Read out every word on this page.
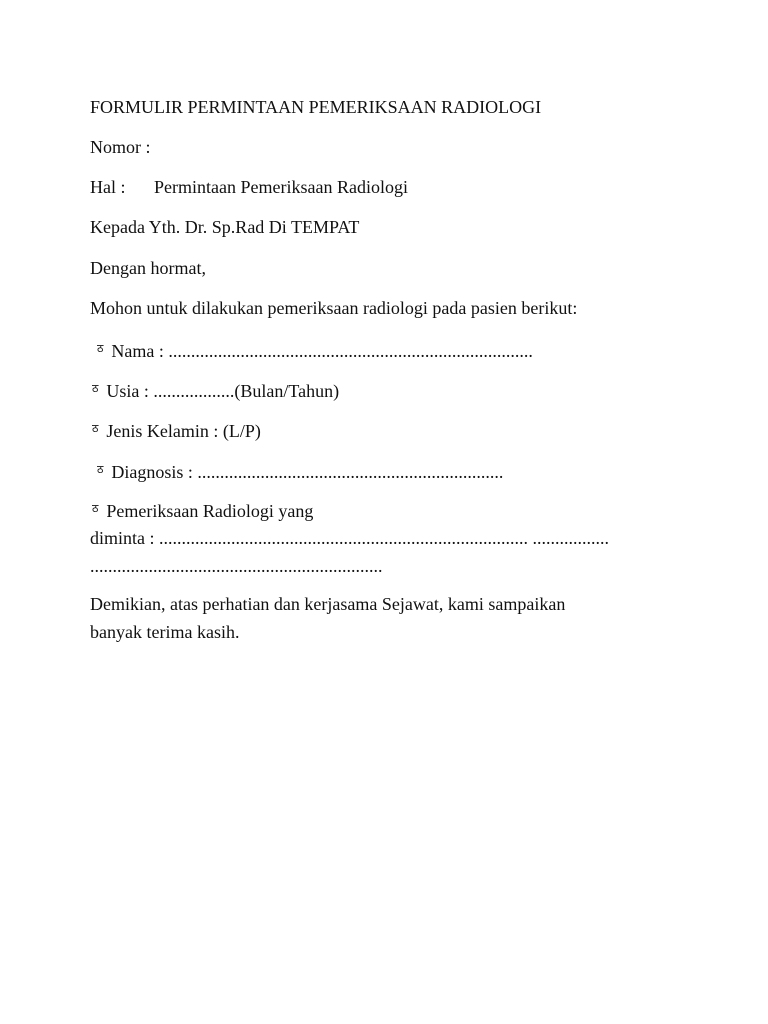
FORMULIR PERMINTAAN PEMERIKSAAN RADIOLOGI
Nomor :
Hal : Permintaan Pemeriksaan Radiologi
Kepada Yth. Dr. Sp.Rad Di TEMPAT
Dengan hormat,
Mohon untuk dilakukan pemeriksaan radiologi pada pasien berikut:
ठ Nama : .................................................................................
ठ Usia : ..................(Bulan/Tahun)
ठ Jenis Kelamin : (L/P)
ठ Diagnosis : ....................................................................
ठ Pemeriksaan Radiologi yang
diminta : .................................................................................. .................
.................................................................
Demikian, atas perhatian dan kerjasama Sejawat, kami sampaikan
banyak terima kasih.
